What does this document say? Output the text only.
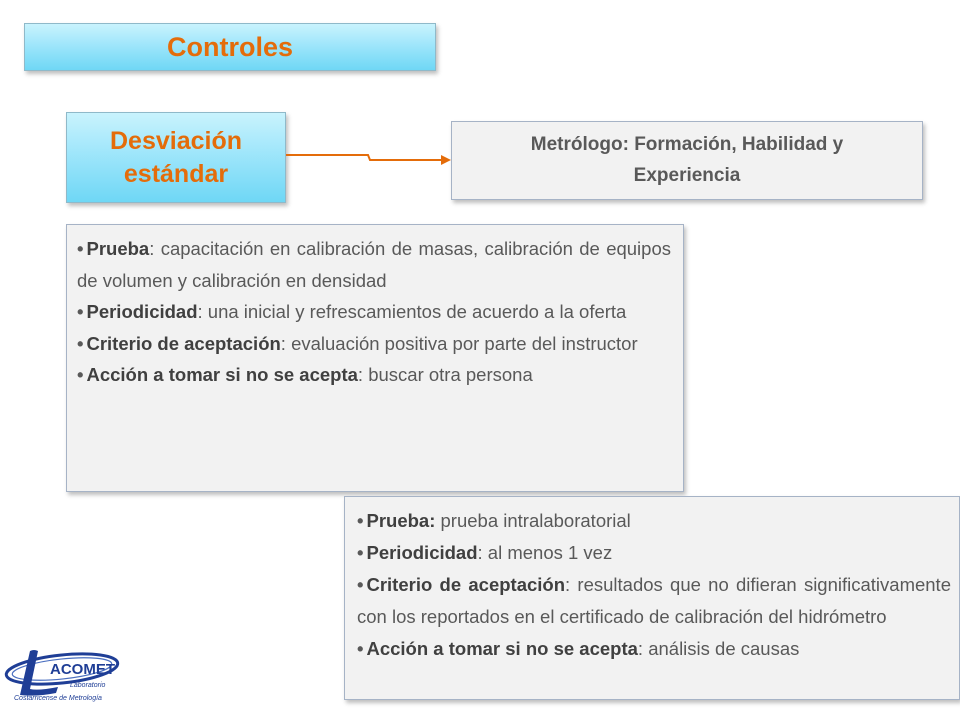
Controles
Desviación estándar
Metrólogo: Formación, Habilidad y Experiencia
• Prueba: capacitación en calibración de masas, calibración de equipos de volumen y calibración en densidad
• Periodicidad: una inicial y refrescamientos de acuerdo a la oferta
• Criterio de aceptación: evaluación positiva por parte del instructor
• Acción a tomar si no se acepta: buscar otra persona
• Prueba: prueba intralaboratorial
• Periodicidad: al menos 1 vez
• Criterio de aceptación: resultados que no difieran significativamente con los reportados en el certificado de calibración del hidrómetro
• Acción a tomar si no se acepta: análisis de causas
ACOMET
Laboratorio
Costarricense de Metrología
